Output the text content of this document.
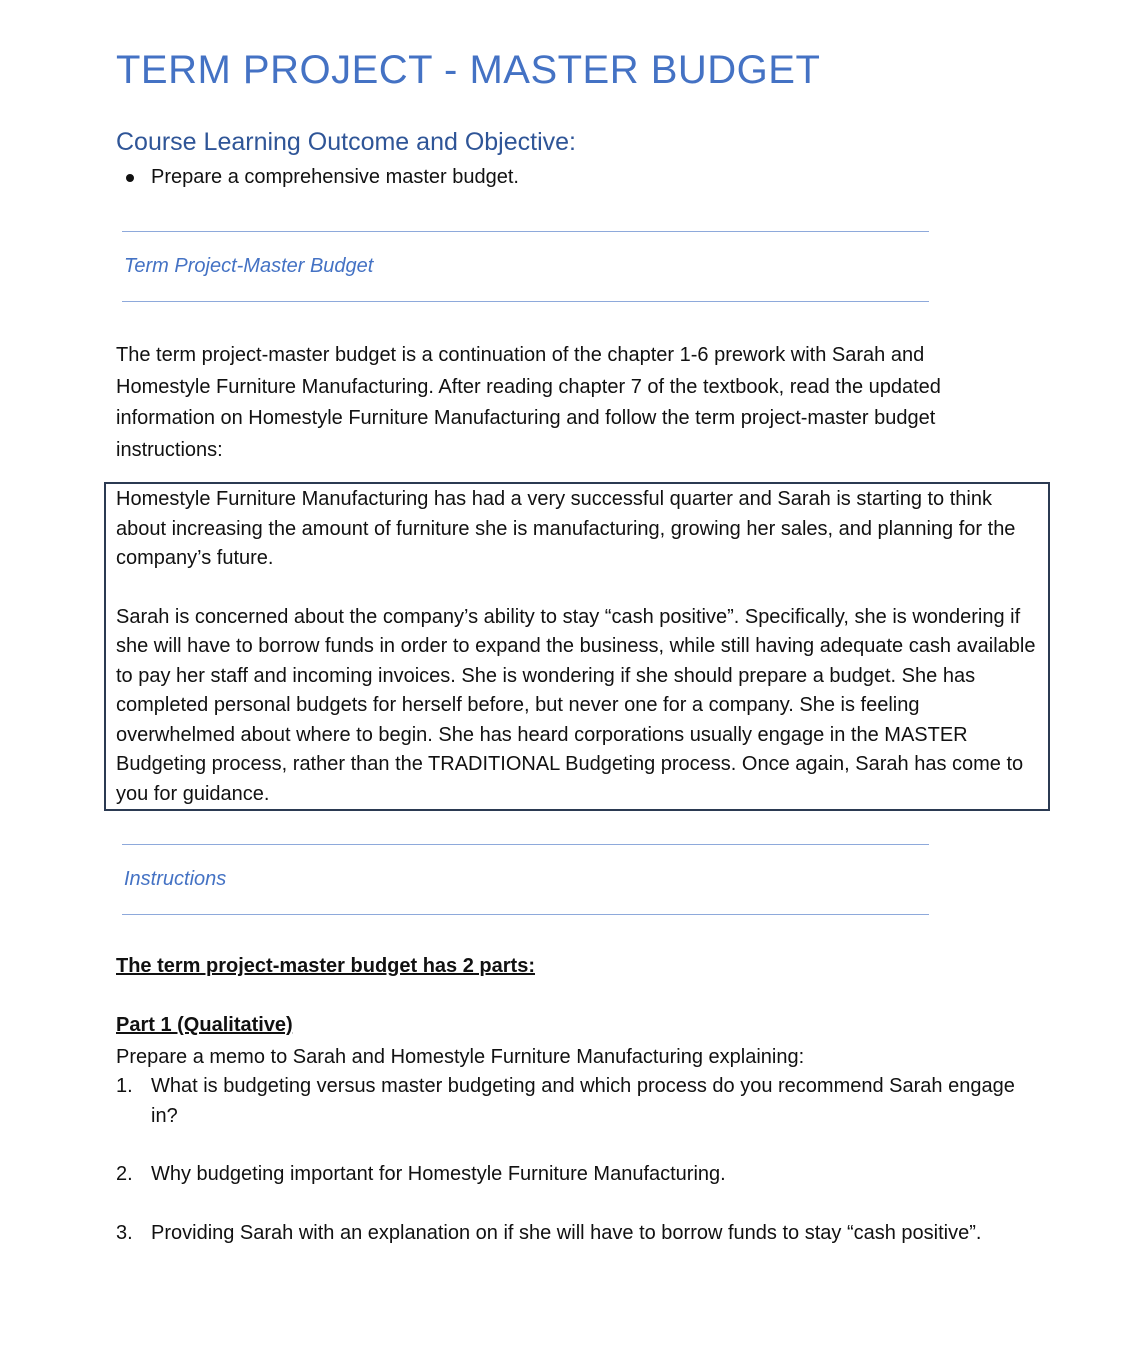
TERM PROJECT - MASTER BUDGET
Course Learning Outcome and Objective:
Prepare a comprehensive master budget.
Term Project-Master Budget

The term project-master budget is a continuation of the chapter 1-6 prework with Sarah and Homestyle Furniture Manufacturing. After reading chapter 7 of the textbook, read the updated information on Homestyle Furniture Manufacturing and follow the term project-master budget instructions:

Homestyle Furniture Manufacturing has had a very successful quarter and Sarah is starting to think about increasing the amount of furniture she is manufacturing, growing her sales, and planning for the company’s future.

Sarah is concerned about the company’s ability to stay “cash positive”. Specifically, she is wondering if she will have to borrow funds in order to expand the business, while still having adequate cash available to pay her staff and incoming invoices. She is wondering if she should prepare a budget. She has completed personal budgets for herself before, but never one for a company. She is feeling overwhelmed about where to begin. She has heard corporations usually engage in the MASTER Budgeting process, rather than the TRADITIONAL Budgeting process. Once again, Sarah has come to you for guidance.

Instructions
The term project-master budget has 2 parts:
Part 1 (Qualitative)

Prepare a memo to Sarah and Homestyle Furniture Manufacturing explaining:

1. What is budgeting versus master budgeting and which process do you recommend Sarah engage in?
2. Why budgeting important for Homestyle Furniture Manufacturing.
3. Providing Sarah with an explanation on if she will have to borrow funds to stay “cash positive”.
